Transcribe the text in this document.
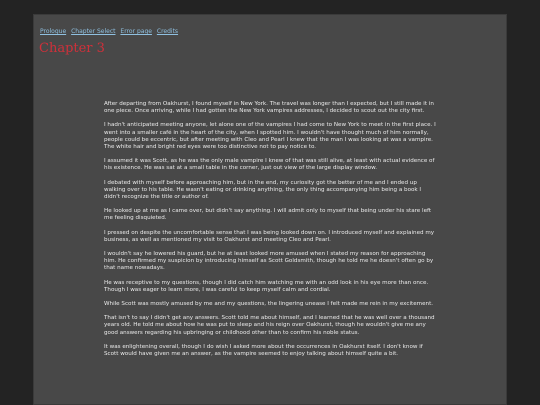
Prologue Chapter Select Error page Credits
Chapter 3

After departing from Oakhurst, I found myself in New York. The travel was longer than I expected, but I still made it in one piece. Once arriving, while I had gotten the New York vampires addresses, I decided to scout out the city first.

I hadn't anticipated meeting anyone, let alone one of the vampires I had come to New York to meet in the first place. I went into a smaller café in the heart of the city, when I spotted him. I wouldn't have thought much of him normally, people could be eccentric, but after meeting with Cleo and Pearl I knew that the man I was looking at was a vampire. The white hair and bright red eyes were too distinctive not to pay notice to.

I assumed it was Scott, as he was the only male vampire I knew of that was still alive, at least with actual evidence of his existence. He was sat at a small table in the corner, just out view of the large display window.

I debated with myself before approaching him, but in the end, my curiosity got the better of me and I ended up walking over to his table. He wasn't eating or drinking anything, the only thing accompanying him being a book I didn't recognize the title or author of.

He looked up at me as I came over, but didn't say anything. I will admit only to myself that being under his stare left me feeling disquieted.

I pressed on despite the uncomfortable sense that I was being looked down on. I introduced myself and explained my business, as well as mentioned my visit to Oakhurst and meeting Cleo and Pearl.

I wouldn't say he lowered his guard, but he at least looked more amused when I stated my reason for approaching him. He confirmed my suspicion by introducing himself as Scott Goldsmith, though he told me he doesn't often go by that name nowadays.

He was receptive to my questions, though I did catch him watching me with an odd look in his eye more than once. Though I was eager to learn more, I was careful to keep myself calm and cordial.

While Scott was mostly amused by me and my questions, the lingering unease I felt made me rein in my excitement.

That isn't to say I didn't get any answers. Scott told me about himself, and I learned that he was well over a thousand years old. He told me about how he was put to sleep and his reign over Oakhurst, though he wouldn't give me any good answers regarding his upbringing or childhood other than to confirm his noble status.

It was enlightening overall, though I do wish I asked more about the occurrences in Oakhurst itself. I don't know if Scott would have given me an answer, as the vampire seemed to enjoy talking about himself quite a bit.
